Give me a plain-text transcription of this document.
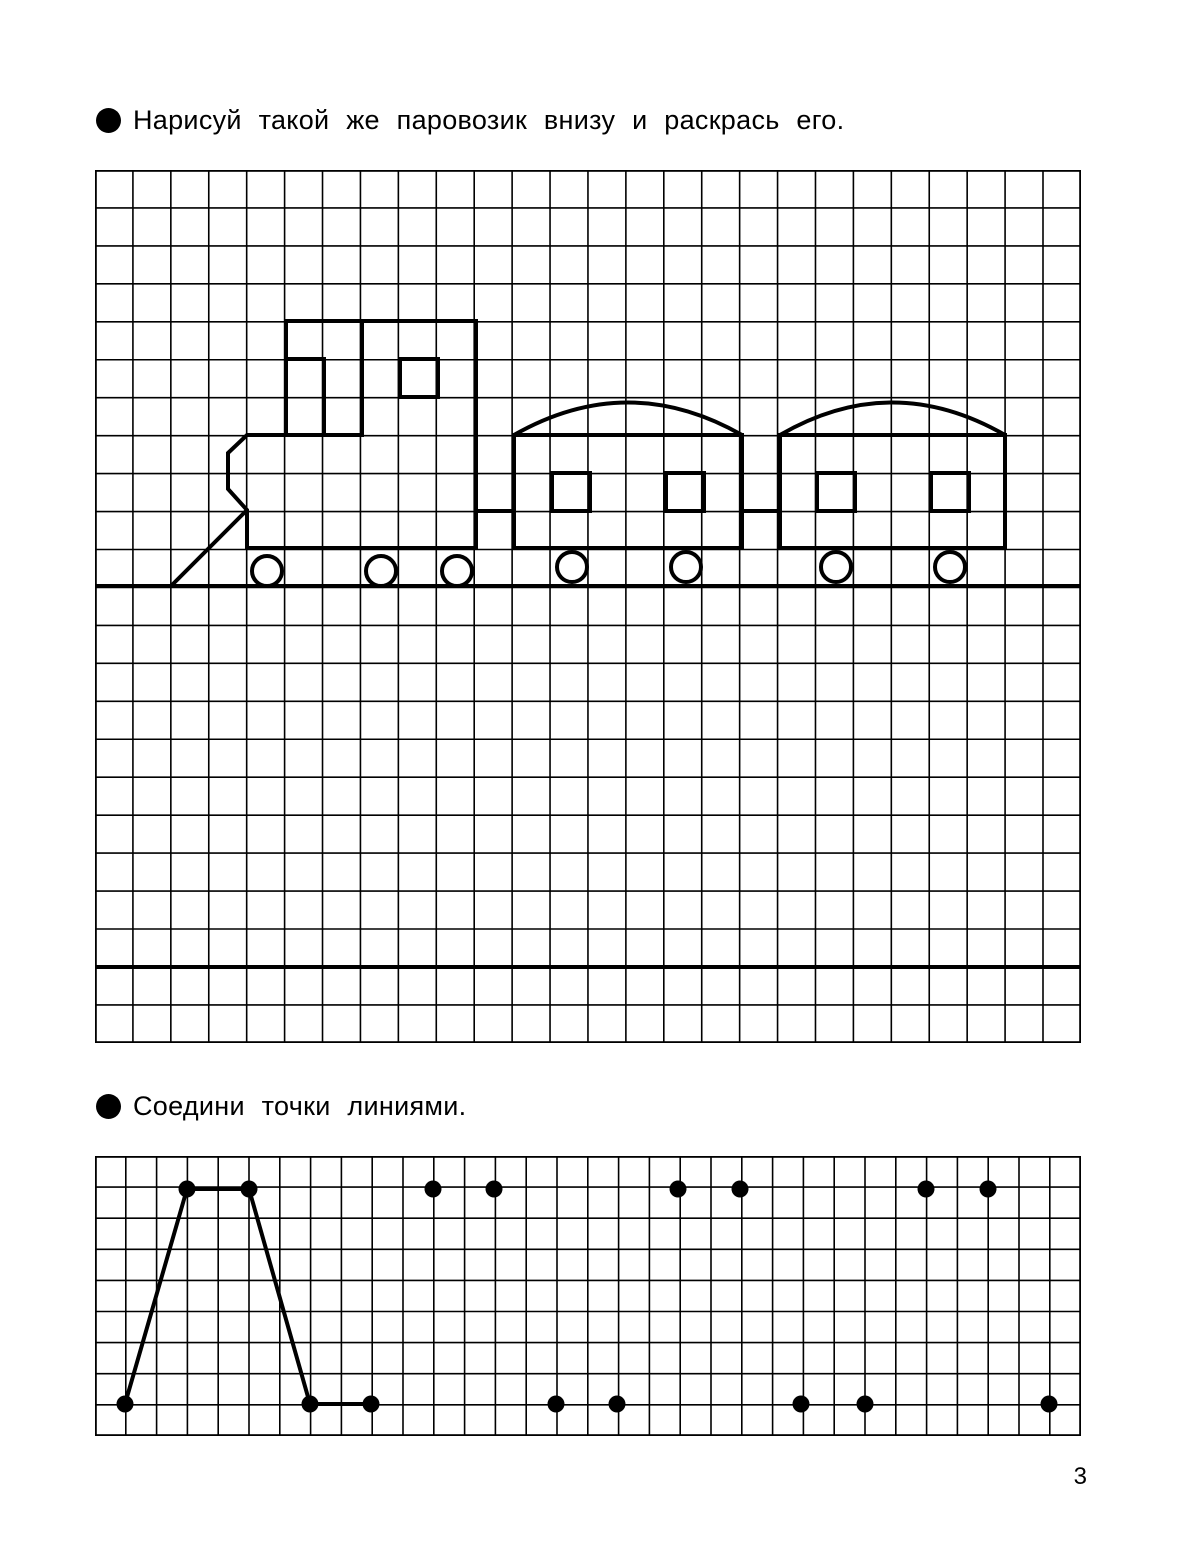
Нарисуй такой же паровозик внизу и раскрась его.
Соедини точки линиями.
3
